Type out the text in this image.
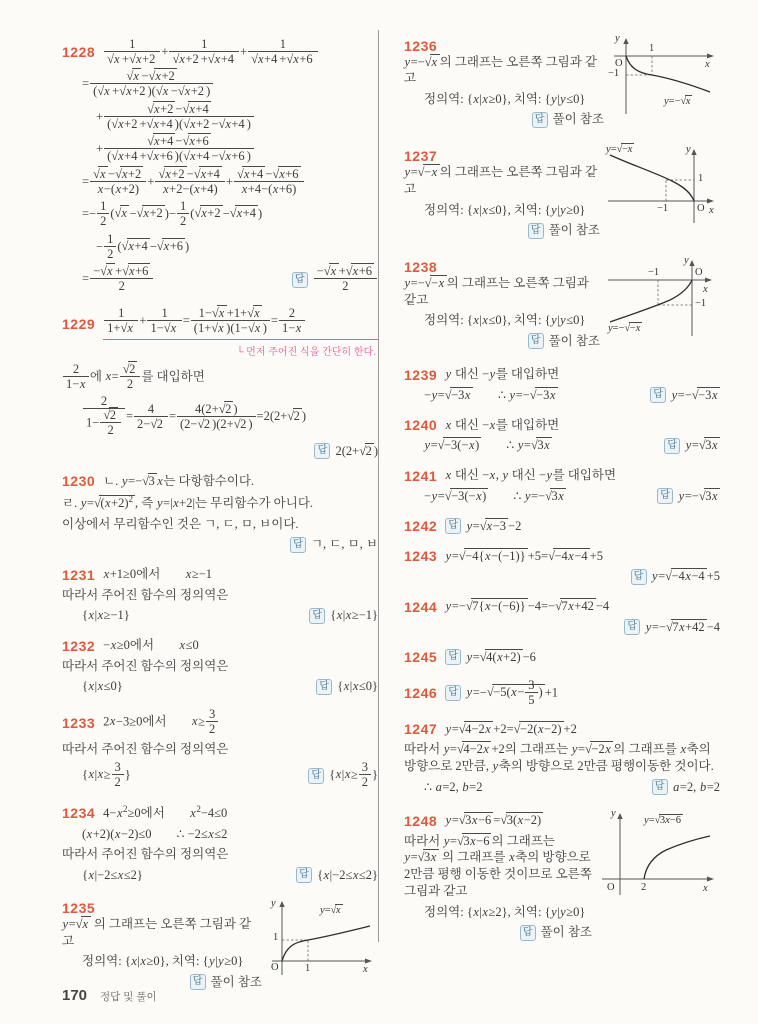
$1228 \frac{1}{√x +√x+2} + \frac{1}{√x+2 +√x+4} + \frac{1}{√x+4 +√x+6}$
= $\frac{√x -√x+2}{(√x +√x+2 )(√x -√x+2 )}$
+ $\frac{√x+2 -√x+4}{(√x+2 +√x+4 )(√x+2 -√x+4 )}$
+ $\frac{√x+4 -√x+6}{(√x+4 +√x+6 )(√x+4 -√x+6 )}$
= $\frac{√x -√x+2}{x-(x+2)} + \frac{√x+2 -√x+4}{x+2-(x+4)} + \frac{√x+4 -√x+6}{x+4-(x+6)}$
=− $\frac{1}{2} (√x -√x+2$ )− $\frac{1}{2} (√x+2 -√x+4$ )
− $\frac{1}{2} (√x+4 -√x+6$ )
= $\frac{-√x +√x+6}{2}$	답 $\frac{-√x +√x+6}{2}$
$1229 \frac{1}{1+√x} + \frac{1}{1-√x} = \frac{1-√x +1+√x}{(1+√x )(1-√x )} = \frac{2}{1-x}$
└ 먼저 주어진 식을 간단히 한다.
$\frac{2}{1-x}$ 에 $x= \frac{√2}{2}$ 를 대입하면
$\frac{2}{1- \frac{√2}{2}} = \frac{4}{2-√2} = \frac{4(2+√2 )}{(2-√2 )(2+√2 )} =2(2+√2$ )
답 2(2+√2 )
1230 ㄴ. y=−√3 x는 다항함수이다.
ㄹ. $y=√(x+2)^2$ , 즉 y=|x+2|는 무리함수가 아니다.
이상에서 무리함수인 것은 ㄱ, ㄷ, ㅁ, ㅂ이다.
답 ㄱ, ㄷ, ㅁ, ㅂ
1231 x+1≥0에서  x≥−1
따라서 주어진 함수의 정의역은
{x|x≥−1}	답 {x|x≥−1}
1232 −x≥0에서  x≤0
따라서 주어진 함수의 정의역은
{x|x≤0}	답 {x|x≤0}
1233 2x−3≥0에서  $x\ge \frac{3}{2}$
따라서 주어진 함수의 정의역은
{$x|x\ge \frac{3}{2}$ }	답 {$x|x\ge \frac{3}{2}$ }
1234 $4-x^2\ge 0$에서  $x^2-4\le 0$
(x+2)(x−2)≤0  ∴ −2≤x≤2
따라서 주어진 함수의 정의역은
{x|−2≤x≤2}	답 {x|−2≤x≤2}
1235
y=√x 의 그래프는 오른쪽 그림과 같고
정의역: {x|x≥0}, 치역: {y|y≥0}
답 풀이 참조
y
x
O	1
1
y=√x
1236
y=−√x 의 그래프는 오른쪽 그림과 같고
정의역: {x|x≥0}, 치역: {y|y≤0}
답 풀이 참조
y
x
O
1
−1
y=−√x
1237
y=√−x 의 그래프는 오른쪽 그림과 같고
정의역: {x|x≤0}, 치역: {y|y≥0}
답 풀이 참조
y
x
O
−1
1
y=√−x
1238
y=−√−x 의 그래프는 오른쪽 그림과 같고
정의역: {x|x≤0}, 치역: {y|y≤0}
답 풀이 참조
y
x
O
−1
−1
y=−√−x
1239 y 대신 −y를 대입하면
−y=√−3x  ∴ y=−√−3x	답 y=−√−3x
1240 x 대신 −x를 대입하면
y=√−3(−x)  ∴ y=√3x	답 y=√3x
1241 x 대신 −x, y 대신 −y를 대입하면
−y=√−3(−x)  ∴ y=−√3x	답 y=−√3x
1242	답 y=√x−3 −2
1243 y=√−4{x−(−1)} +5=√−4x−4 +5
답 y=√−4x−4 +5
1244 y=−√7{x−(−6)} −4=−√7x+42 −4
답 y=−√7x+42 −4
1245	답 y=√4(x+2) −6
1246	답 $y=-√-5(x- \frac{3}{5}$ ) +1
1247 y=√4−2x +2=√−2(x−2) +2
따라서 y=√4−2x +2의 그래프는 y=√−2x 의 그래프를 x축의 방향으로 2만큼, y축의 방향으로 2만큼 평행이동한 것이다.
∴ a=2, b=2	답 a=2, b=2
1248 y=√3x−6 =√3(x−2)
따라서 y=√3x−6 의 그래프는 y=√3x 의 그래프를 x축의 방향으로 2만큼 평행 이동한 것이므로 오른쪽 그림과 같고
정의역: {x|x≥2}, 치역: {y|y≥0}
답 풀이 참조
y
x
O	2
y=√3x−6
170 정답 및 풀이
